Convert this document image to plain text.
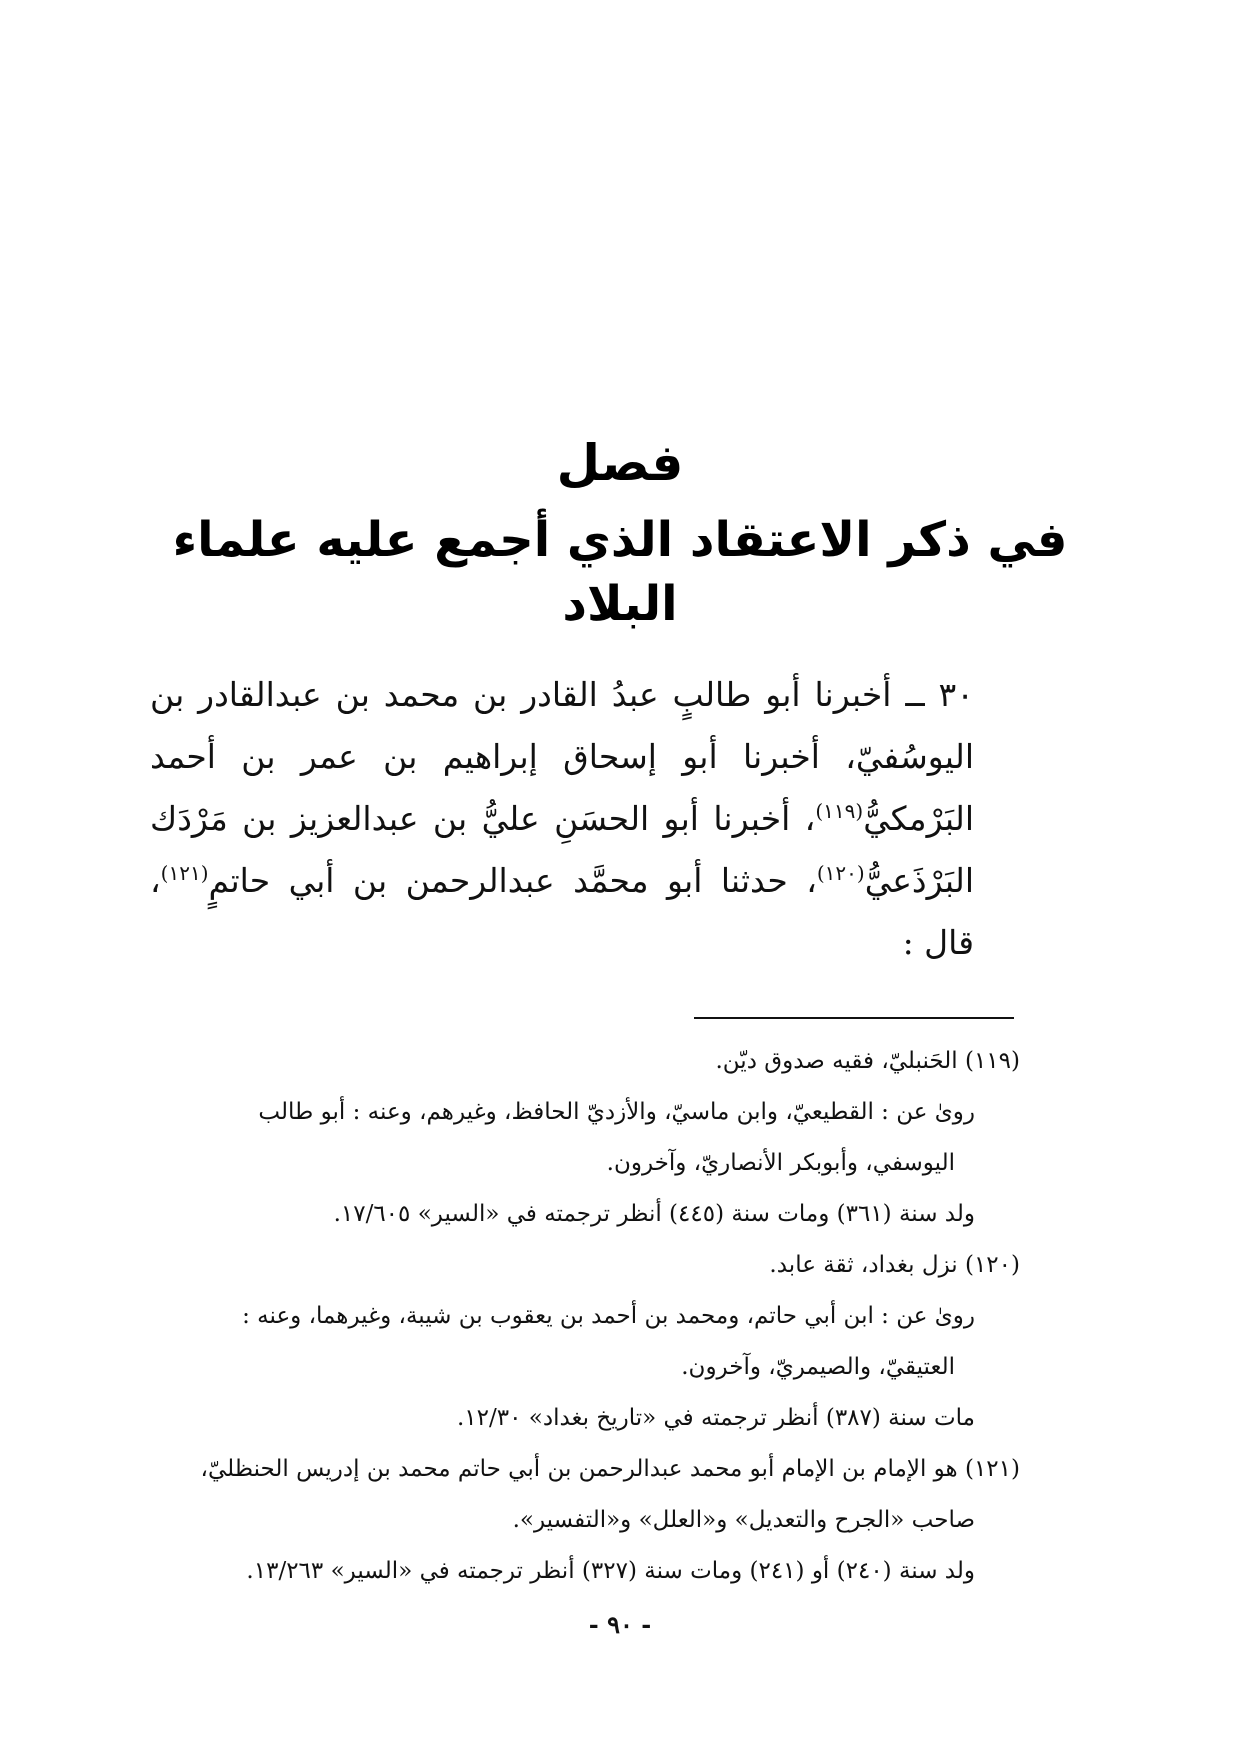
فصل
في ذكر الاعتقاد الذي أجمع عليه علماء البلاد
٣٠ ــ أخبرنا أبو طالبٍ عبدُ القادر بن محمد بن عبدالقادر بن اليوسُفيّ، أخبرنا أبو إسحاق إبراهيم بن عمر بن أحمد البَرْمكيُّ$^{(١١٩)}$، أخبرنا أبو الحسَنِ عليُّ بن عبدالعزيز بن مَرْدَك البَرْذَعيُّ$^{(١٢٠)}$، حدثنا أبو محمَّد عبدالرحمن بن أبي حاتمٍ$^{(١٢١)}$، قال :
(١١٩) الحَنبليّ، فقيه صدوق ديّن.
روىٰ عن : القطيعيّ، وابن ماسيّ، والأزديّ الحافظ، وغيرهم، وعنه : أبو طالب
اليوسفي، وأبوبكر الأنصاريّ، وآخرون.
ولد سنة (٣٦١) ومات سنة (٤٤٥) أنظر ترجمته في «السير» ١٧/٦٠٥.
(١٢٠) نزل بغداد، ثقة عابد.
روىٰ عن : ابن أبي حاتم، ومحمد بن أحمد بن يعقوب بن شيبة، وغيرهما، وعنه :
العتيقيّ، والصيمريّ، وآخرون.
مات سنة (٣٨٧) أنظر ترجمته في «تاريخ بغداد» ١٢/٣٠.
(١٢١) هو الإمام بن الإمام أبو محمد عبدالرحمن بن أبي حاتم محمد بن إدريس الحنظليّ،
صاحب «الجرح والتعديل» و«العلل» و«التفسير».
ولد سنة (٢٤٠) أو (٢٤١) ومات سنة (٣٢٧) أنظر ترجمته في «السير» ١٣/٢٦٣.
- ٩٠ -
